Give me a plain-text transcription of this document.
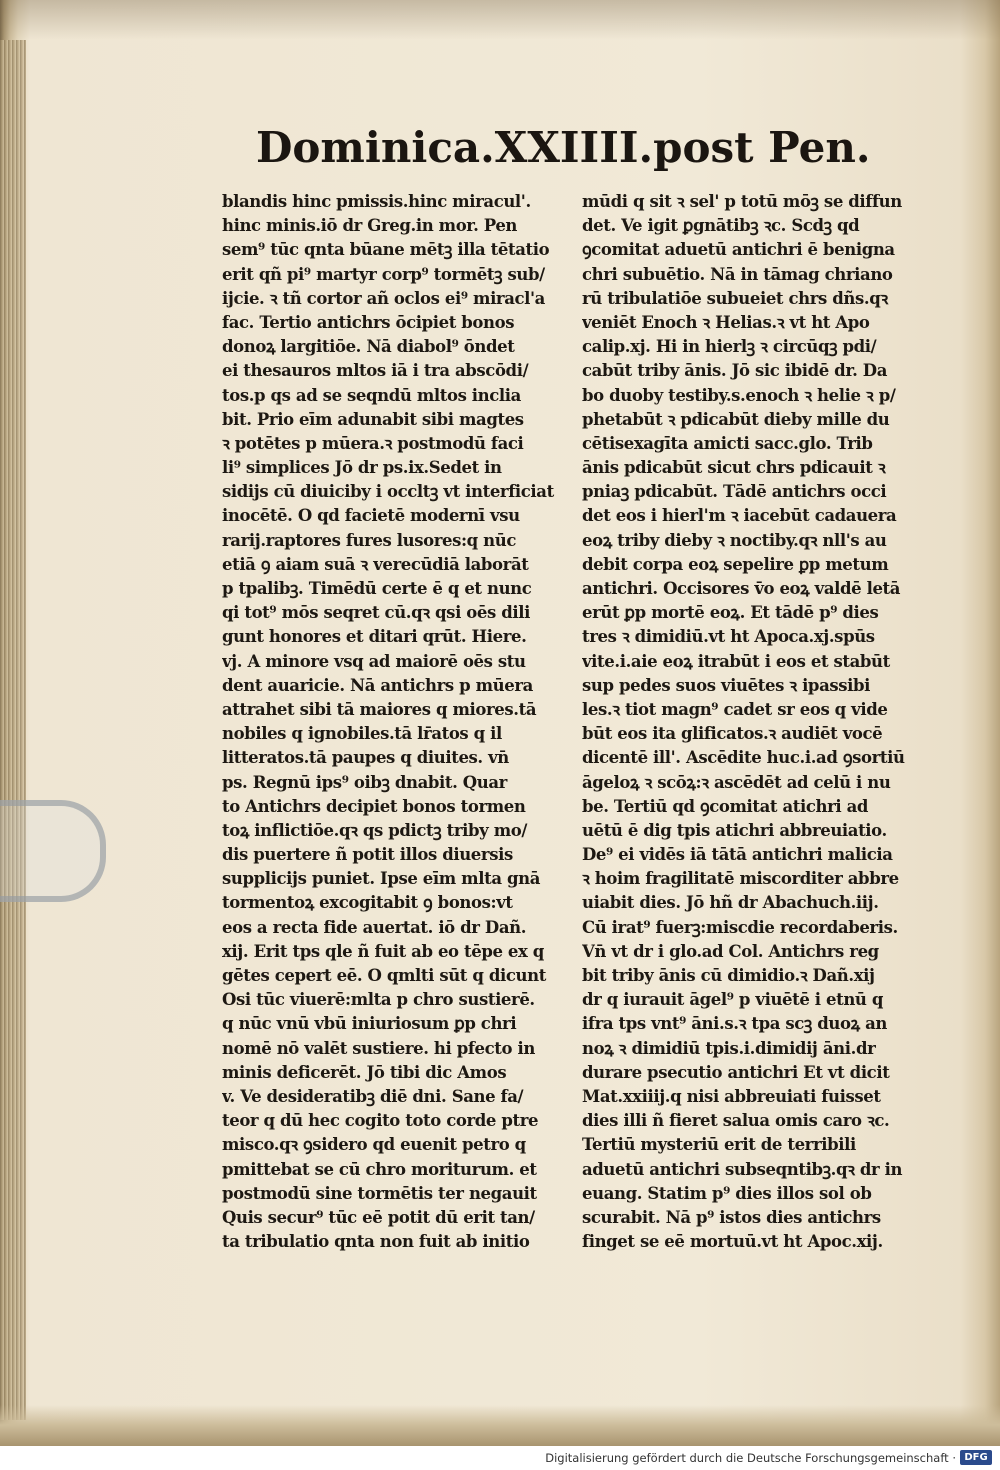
Dominica.XXIIII.post Pen.
blandis hinc pmissis.hinc miracul'.
hinc minis.iō dr Greg.in mor. Pen
sem⁹ tūc qnta būane mētꝫ illa tētatio
erit qñ pi⁹ martyr corp⁹ tormētꝫ sub/
ijcie. ꝛ tñ cortor añ oclos ei⁹ miracl'a
fac. Tertio antichrs ōcipiet bonos
donoꝝ largitiōe. Nā diabol⁹ ōndet
ei thesauros mltos iā i tra abscōdi/
tos.p qs ad se seqndū mltos inclia
bit. Prio eīm adunabit sibi magtes
ꝛ potētes p mūera.ꝛ postmodū faci
li⁹ simplices Jō dr ps.ix.Sedet in
sidijs cū diuiciby i occltꝫ vt interficiat
inocētē. O qd facietē modernī vsu
rarij.raptores fures lusores:q nūc
etiā ꝯ aiam suā ꝛ verecūdiā laborāt
p tpalibꝫ. Timēdū certe ē q et nunc
qi tot⁹ mōs seqret cū.qꝛ qsi oēs dili
gunt honores et ditari qrūt. Hiere.
vj. A minore vsq ad maiorē oēs stu
dent auaricie. Nā antichrs p mūera
attrahet sibi tā maiores q miores.tā
nobiles q ignobiles.tā lr̄atos q il
litteratos.tā paupes q diuites. vn̄
ps. Regnū ips⁹ oibꝫ dnabit. Quar
to Antichrs decipiet bonos tormen
toꝝ inflictiōe.qꝛ qs pdictꝫ triby mo/
dis puertere ñ potit illos diuersis
supplicijs puniet. Ipse eīm mlta gnā
tormentoꝝ excogitabit ꝯ bonos:vt
eos a recta fide auertat. iō dr Dañ.
xij. Erit tps qle ñ fuit ab eo tēpe ex q
gētes cepert eē. O qmlti sūt q dicunt
Osi tūc viuerē:mlta p chro sustierē.
q nūc vnū vbū iniuriosum ꝑp chri
nomē nō valēt sustiere. hi pfecto in
minis deficerēt. Jō tibi dic Amos
v. Ve desideratibꝫ diē dni. Sane fa/
teor q dū hec cogito toto corde ptre
misco.qꝛ ꝯsidero qd euenit petro q
pmittebat se cū chro moriturum. et
postmodū sine tormētis ter negauit
Quis secur⁹ tūc eē potit dū erit tan/
ta tribulatio qnta non fuit ab initio
mūdi q sit ꝛ sel' p totū mōꝫ se diffun
det. Ve igit ꝑgnātibꝫ ꝛc. Scdꝫ qd
ꝯcomitat aduetū antichri ē benigna
chri subuētio. Nā in tāmag chriano
rū tribulatiōe subueiet chrs dñs.qꝛ
veniēt Enoch ꝛ Helias.ꝛ vt ht Apo
calip.xj. Hi in hierlꝫ ꝛ circūqꝫ pdi/
cabūt triby ānis. Jō sic ibidē dr. Da
bo duoby testiby.s.enoch ꝛ helie ꝛ p/
phetabūt ꝛ pdicabūt dieby mille du
cētisexagīta amicti sacc.glo. Trib
ānis pdicabūt sicut chrs pdicauit ꝛ
pniaꝫ pdicabūt. Tādē antichrs occi
det eos i hierl'm ꝛ iacebūt cadauera
eoꝝ triby dieby ꝛ noctiby.qꝛ nll's au
debit corpa eoꝝ sepelire ꝑp metum
antichri. Occisores v̄o eoꝝ valdē letā
erūt ꝑp mortē eoꝝ. Et tādē p⁹ dies
tres ꝛ dimidiū.vt ht Apoca.xj.spūs
vite.i.aie eoꝝ itrabūt i eos et stabūt
sup pedes suos viuētes ꝛ ipassibi
les.ꝛ tiot magn⁹ cadet sr eos q vide
būt eos ita glificatos.ꝛ audiēt vocē
dicentē ill'. Ascēdite huc.i.ad ꝯsortiū
āgeloꝝ ꝛ scōꝝ:ꝛ ascēdēt ad celū i nu
be. Tertiū qd ꝯcomitat atichri ad
uētū ē dig tpis atichri abbreuiatio.
De⁹ ei vidēs iā tātā antichri malicia
ꝛ hoim fragilitatē miscorditer abbre
uiabit dies. Jō hñ dr Abachuch.iij.
Cū irat⁹ fuerꝫ:miscdie recordaberis.
Vn̄ vt dr i glo.ad Col. Antichrs reg
bit triby ānis cū dimidio.ꝛ Dañ.xij
dr q iurauit āgel⁹ p viuētē i etnū q
ifra tps vnt⁹ āni.s.ꝛ tpa scꝫ duoꝝ an
noꝝ ꝛ dimidiū tpis.i.dimidij āni.dr
durare psecutio antichri Et vt dicit
Mat.xxiiij.q nisi abbreuiati fuisset
dies illi ñ fieret salua omis caro ꝛc.
Tertiū mysteriū erit de terribili
aduetū antichri subseqntibꝫ.qꝛ dr in
euang. Statim p⁹ dies illos sol ob
scurabit. Nā p⁹ istos dies antichrs
finget se eē mortuū.vt ht Apoc.xij.
Digitalisierung gefördert durch die Deutsche Forschungsgemeinschaft · DFG
